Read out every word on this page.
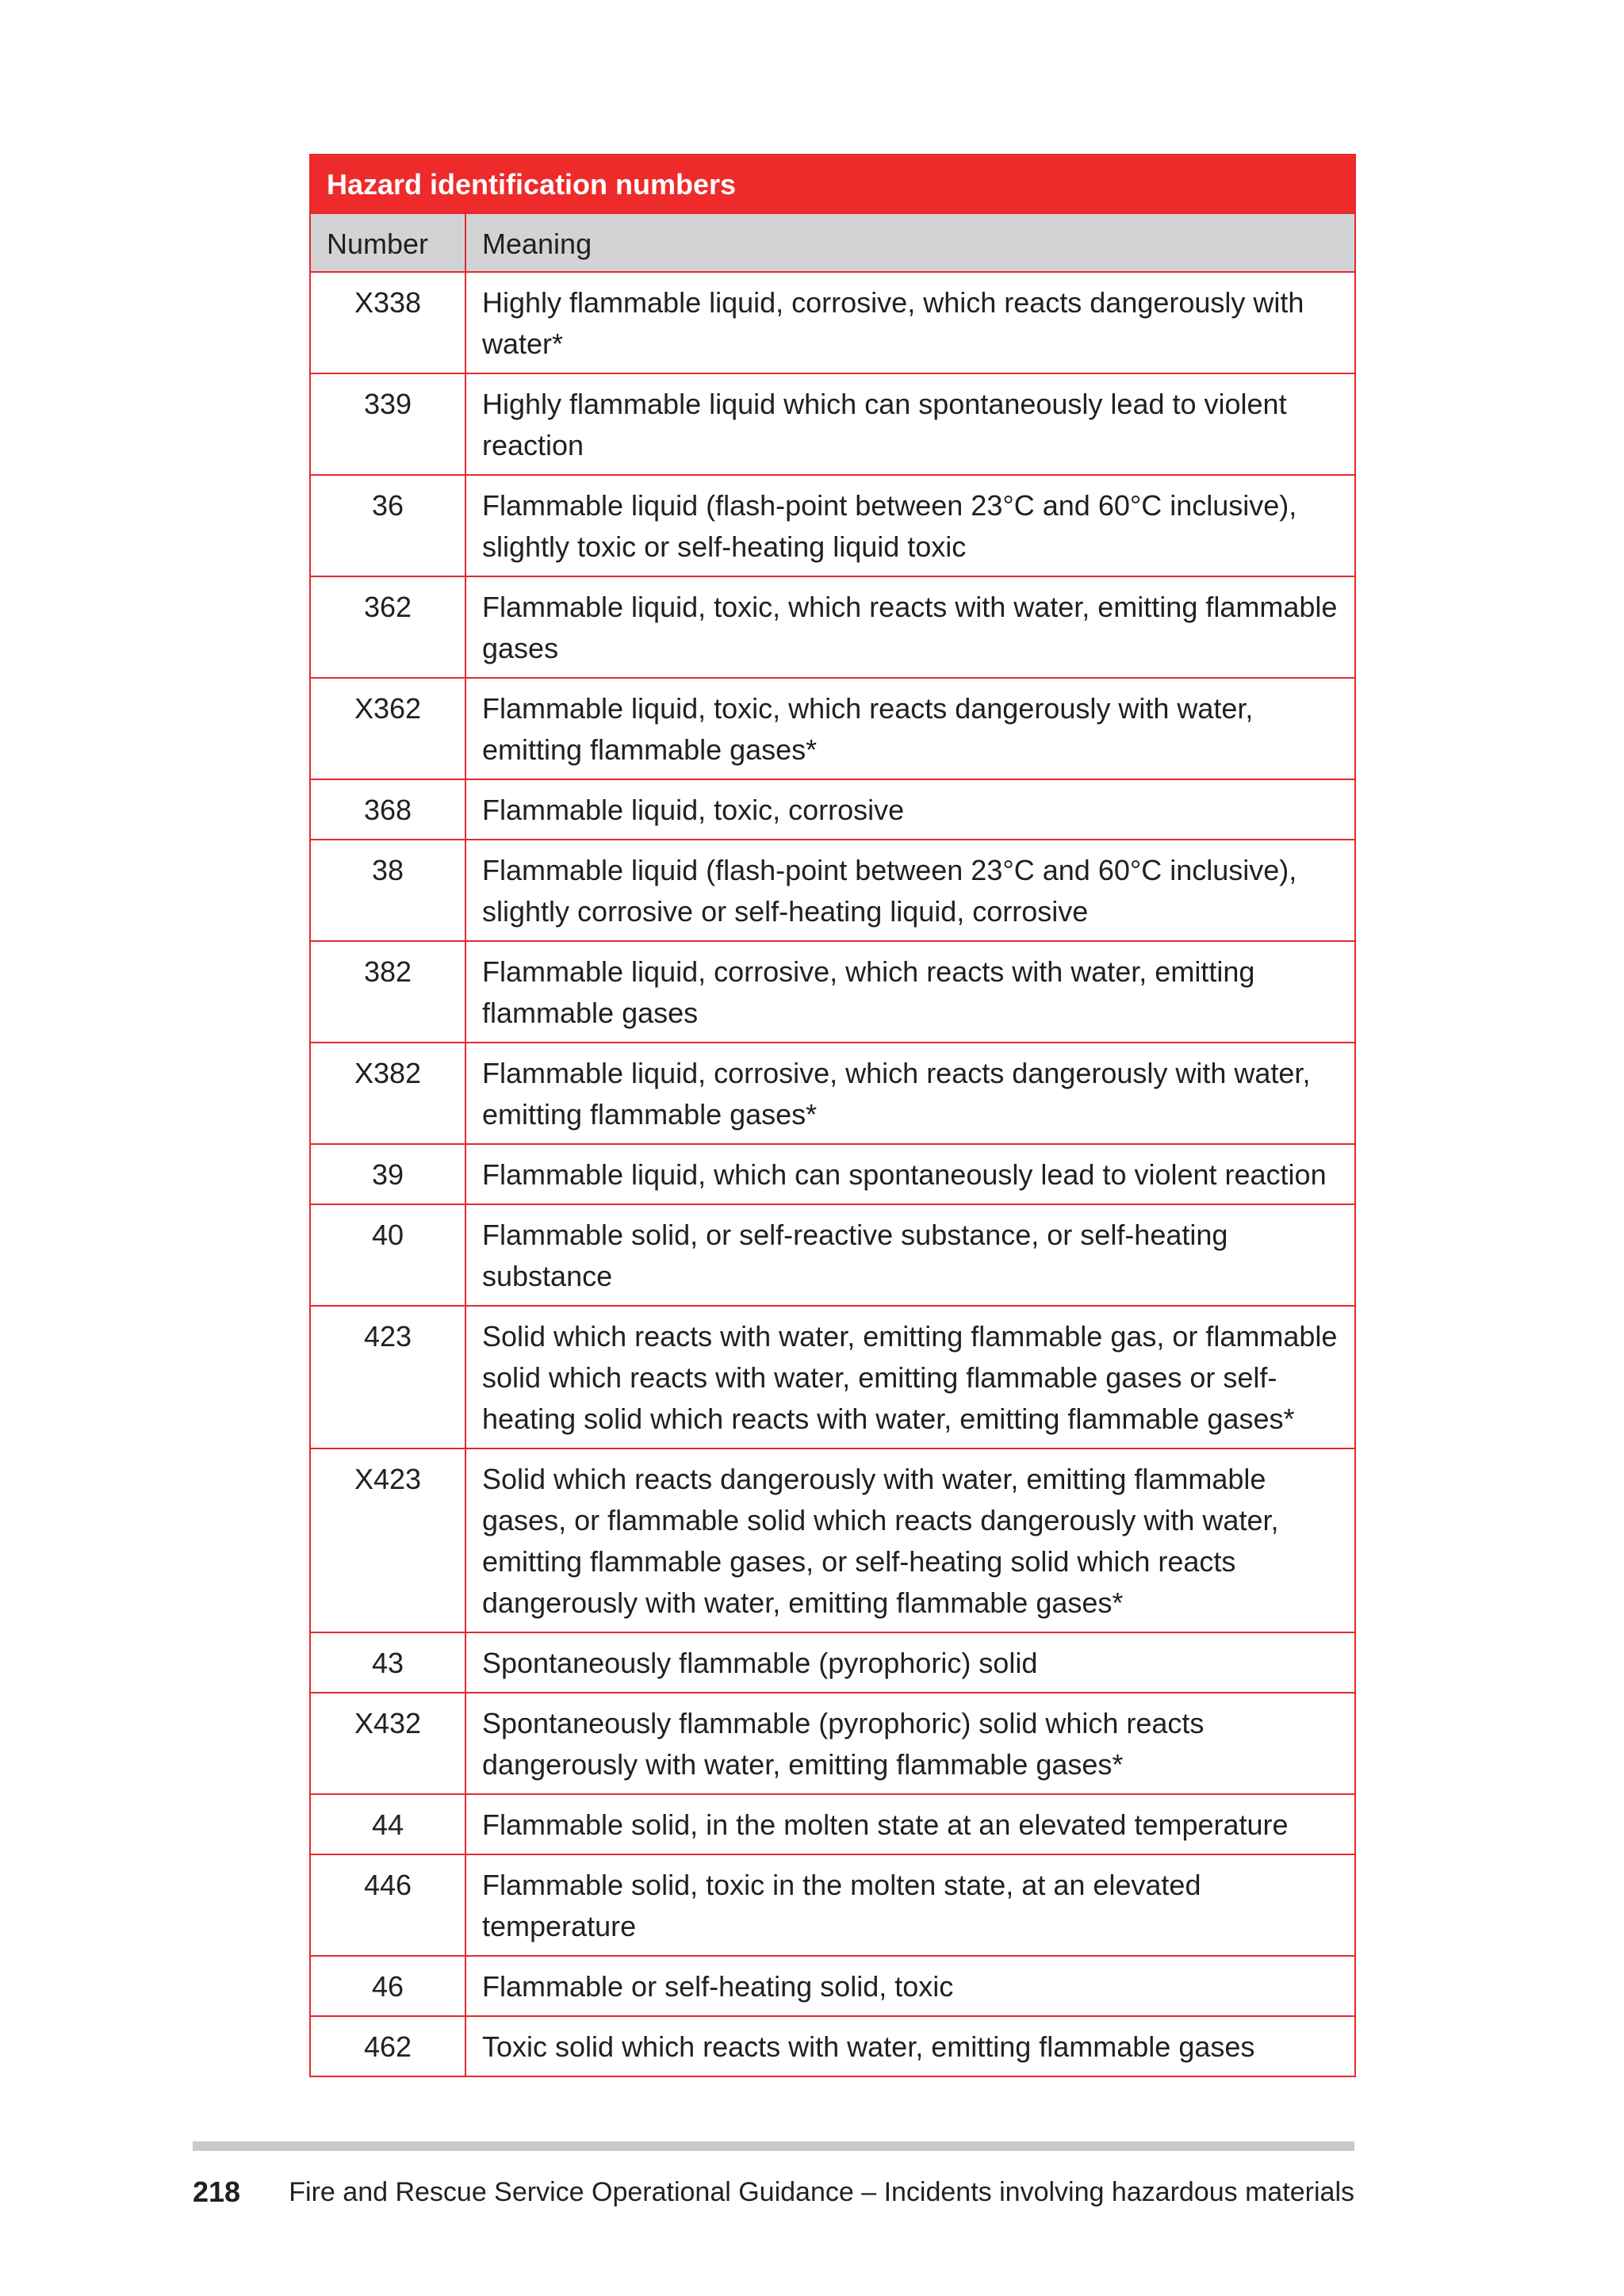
Hazard identification numbers	
Number	Meaning
X338	Highly flammable liquid, corrosive, which reacts dangerously with water*
339	Highly flammable liquid which can spontaneously lead to violent reaction
36	Flammable liquid (flash-point between 23°C and 60°C inclusive), slightly toxic or self-heating liquid toxic
362	Flammable liquid, toxic, which reacts with water, emitting flammable gases
X362	Flammable liquid, toxic, which reacts dangerously with water, emitting flammable gases*
368	Flammable liquid, toxic, corrosive
38	Flammable liquid (flash-point between 23°C and 60°C inclusive), slightly corrosive or self-heating liquid, corrosive
382	Flammable liquid, corrosive, which reacts with water, emitting flammable gases
X382	Flammable liquid, corrosive, which reacts dangerously with water, emitting flammable gases*
39	Flammable liquid, which can spontaneously lead to violent reaction
40	Flammable solid, or self-reactive substance, or self-heating substance
423	Solid which reacts with water, emitting flammable gas, or flammable solid which reacts with water, emitting flammable gases or self-heating solid which reacts with water, emitting flammable gases*
X423	Solid which reacts dangerously with water, emitting flammable gases, or flammable solid which reacts dangerously with water, emitting flammable gases, or self-heating solid which reacts dangerously with water, emitting flammable gases*
43	Spontaneously flammable (pyrophoric) solid
X432	Spontaneously flammable (pyrophoric) solid which reacts dangerously with water, emitting flammable gases*
44	Flammable solid, in the molten state at an elevated temperature
446	Flammable solid, toxic in the molten state, at an elevated temperature
46	Flammable or self-heating solid, toxic
462	Toxic solid which reacts with water, emitting flammable gases
218 Fire and Rescue Service Operational Guidance – Incidents involving hazardous materials
